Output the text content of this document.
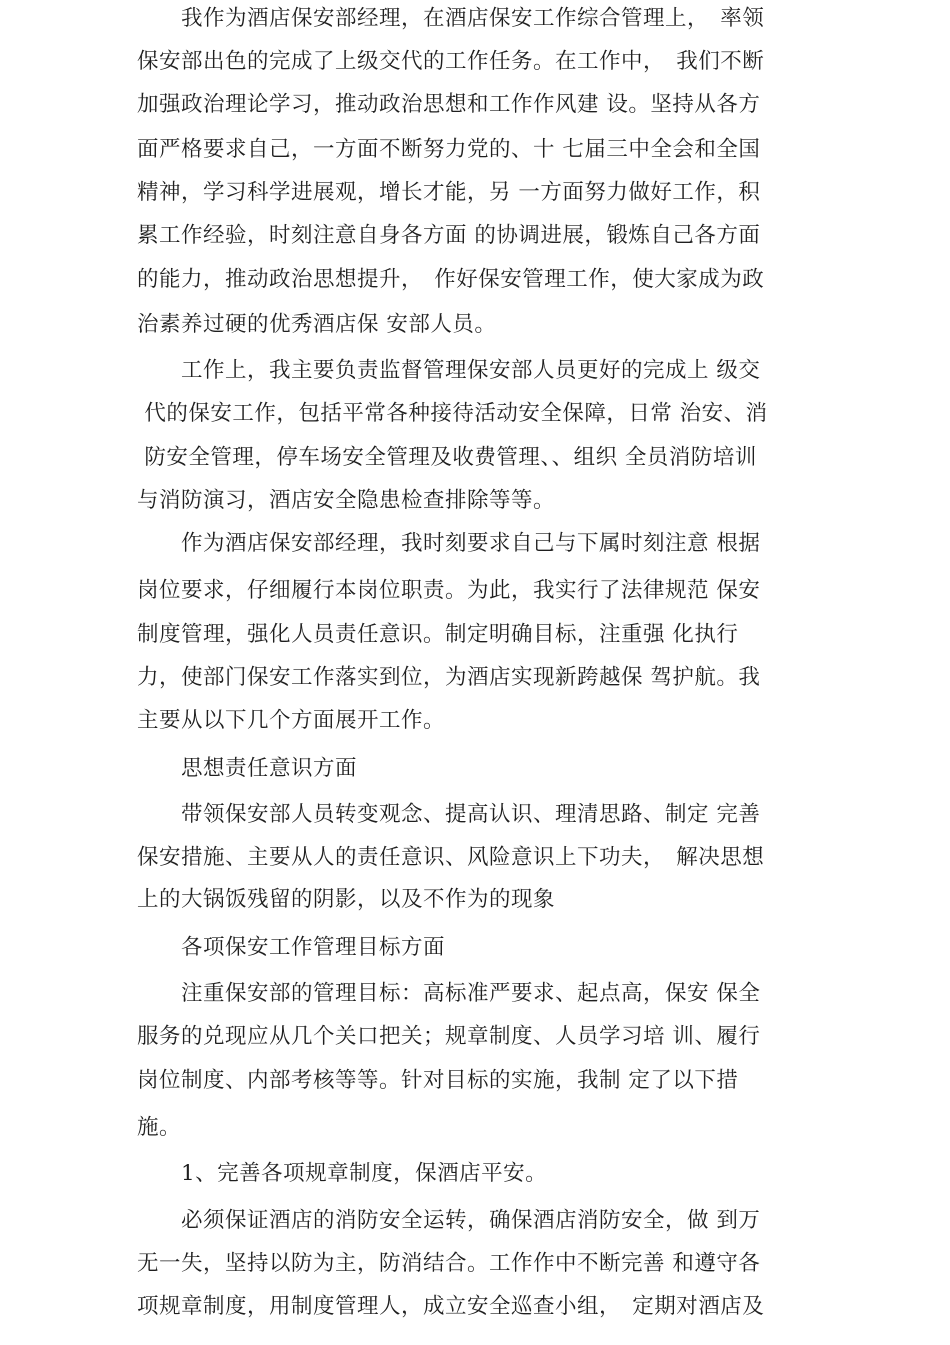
　　我作为酒店保安部经理，在酒店保安工作综合管理上，　率领
保安部出色的完成了上级交代的工作任务。在工作中，　我们不断
加强政治理论学习，推动政治思想和工作作风建 设。坚持从各方
面严格要求自己，一方面不断努力党的、十 七届三中全会和全国
精神，学习科学进展观，增长才能，另 一方面努力做好工作，积
累工作经验，时刻注意自身各方面 的协调进展，锻炼自己各方面
的能力，推动政治思想提升，　作好保安管理工作，使大家成为政
治素养过硬的优秀酒店保 安部人员。
　　工作上，我主要负责监督管理保安部人员更好的完成上 级交
代的保安工作，包括平常各种接待活动安全保障，日常 治安、消
防安全管理，停车场安全管理及收费管理、、组织 全员消防培训
与消防演习，酒店安全隐患检查排除等等。
　　作为酒店保安部经理，我时刻要求自己与下属时刻注意 根据
岗位要求，仔细履行本岗位职责。为此，我实行了法律规范 保安
制度管理，强化人员责任意识。制定明确目标，注重强 化执行
力，使部门保安工作落实到位，为酒店实现新跨越保 驾护航。我
主要从以下几个方面展开工作。
　　思想责任意识方面
　　带领保安部人员转变观念、提高认识、理清思路、制定 完善
保安措施、主要从人的责任意识、风险意识上下功夫，　解决思想
上的大锅饭残留的阴影，以及不作为的现象
　　各项保安工作管理目标方面
　　注重保安部的管理目标：高标准严要求、起点高，保安 保全
服务的兑现应从几个关口把关；规章制度、人员学习培 训、履行
岗位制度、内部考核等等。针对目标的实施，我制 定了以下措
施。
　　1、完善各项规章制度，保酒店平安。
　　必须保证酒店的消防安全运转，确保酒店消防安全，做 到万
无一失，坚持以防为主，防消结合。工作作中不断完善 和遵守各
项规章制度，用制度管理人，成立安全巡查小组，　定期对酒店及
